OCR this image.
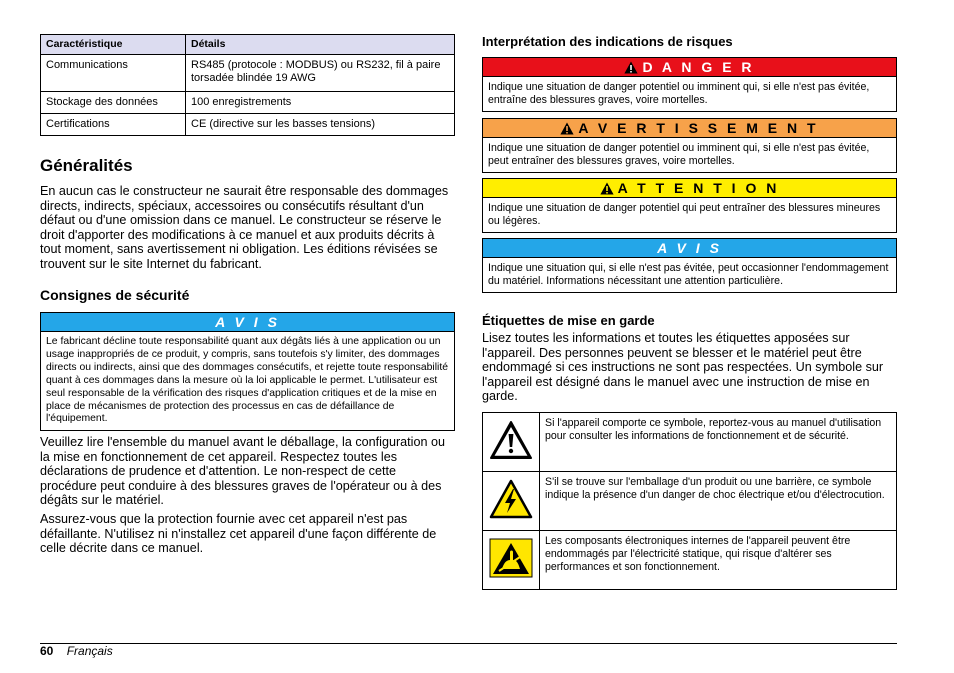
Caractéristique	Détails
Communications	RS485 (protocole : MODBUS) ou RS232, fil à paire torsadée blindée 19 AWG
Stockage des données	100 enregistrements
Certifications	CE (directive sur les basses tensions)
Généralités

En aucun cas le constructeur ne saurait être responsable des dommages directs, indirects, spéciaux, accessoires ou consécutifs résultant d'un défaut ou d'une omission dans ce manuel. Le constructeur se réserve le droit d'apporter des modifications à ce manuel et aux produits décrits à tout moment, sans avertissement ni obligation. Les éditions révisées se trouvent sur le site Internet du fabricant.

Consignes de sécurité
A V I S
Le fabricant décline toute responsabilité quant aux dégâts liés à une application ou un usage inappropriés de ce produit, y compris, sans toutefois s'y limiter, des dommages directs ou indirects, ainsi que des dommages consécutifs, et rejette toute responsabilité quant à ces dommages dans la mesure où la loi applicable le permet. L'utilisateur est seul responsable de la vérification des risques d'application critiques et de la mise en place de mécanismes de protection des processus en cas de défaillance de l'équipement.

Veuillez lire l'ensemble du manuel avant le déballage, la configuration ou la mise en fonctionnement de cet appareil. Respectez toutes les déclarations de prudence et d'attention. Le non-respect de cette procédure peut conduire à des blessures graves de l'opérateur ou à des dégâts sur le matériel.

Assurez-vous que la protection fournie avec cet appareil n'est pas défaillante. N'utilisez ni n'installez cet appareil d'une façon différente de celle décrite dans ce manuel.

Interprétation des indications de risques
D A N G E R
Indique une situation de danger potentiel ou imminent qui, si elle n'est pas évitée, entraîne des blessures graves, voire mortelles.
A V E R T I S S E M E N T
Indique une situation de danger potentiel ou imminent qui, si elle n'est pas évitée, peut entraîner des blessures graves, voire mortelles.
A T T E N T I O N
Indique une situation de danger potentiel qui peut entraîner des blessures mineures ou légères.
A V I S
Indique une situation qui, si elle n'est pas évitée, peut occasionner l'endommagement du matériel. Informations nécessitant une attention particulière.
Étiquettes de mise en garde

Lisez toutes les informations et toutes les étiquettes apposées sur l'appareil. Des personnes peuvent se blesser et le matériel peut être endommagé si ces instructions ne sont pas respectées. Un symbole sur l'appareil est désigné dans le manuel avec une instruction de mise en garde.

	Si l'appareil comporte ce symbole, reportez-vous au manuel d'utilisation pour consulter les informations de fonctionnement et de sécurité.
	S'il se trouve sur l'emballage d'un produit ou une barrière, ce symbole indique la présence d'un danger de choc électrique et/ou d'électrocution.
	Les composants électroniques internes de l'appareil peuvent être endommagés par l'électricité statique, qui risque d'altérer ses performances et son fonctionnement.
60 Français
